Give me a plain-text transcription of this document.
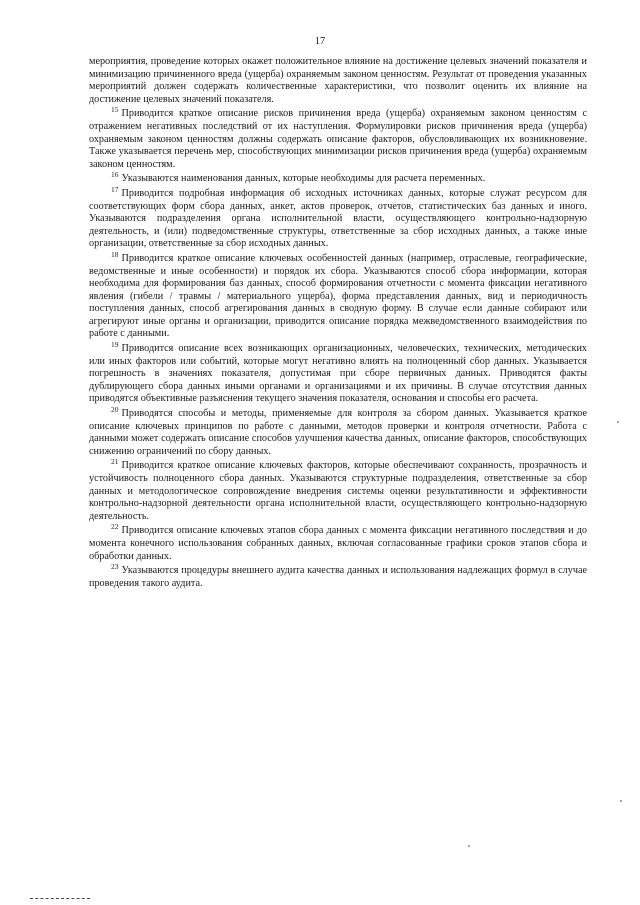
17

мероприятия, проведение которых окажет положительное влияние на достижение целевых значений показателя и минимизацию причиненного вреда (ущерба) охраняемым законом ценностям. Результат от проведения указанных мероприятий должен содержать количественные характеристики, что позволит оценить их влияние на достижение целевых значений показателя.

$^{15}$ Приводится краткое описание рисков причинения вреда (ущерба) охраняемым законом ценностям с отражением негативных последствий от их наступления. Формулировки рисков причинения вреда (ущерба) охраняемым законом ценностям должны содержать описание факторов, обусловливающих их возникновение. Также указывается перечень мер, способствующих минимизации рисков причинения вреда (ущерба) охраняемым законом ценностям.

$^{16}$ Указываются наименования данных, которые необходимы для расчета переменных.

$^{17}$ Приводится подробная информация об исходных источниках данных, которые служат ресурсом для соответствующих форм сбора данных, анкет, актов проверок, отчетов, статистических баз данных и иного. Указываются подразделения органа исполнительной власти, осуществляющего контрольно-надзорную деятельность, и (или) подведомственные структуры, ответственные за сбор исходных данных, а также иные организации, ответственные за сбор исходных данных.

$^{18}$ Приводится краткое описание ключевых особенностей данных (например, отраслевые, географические, ведомственные и иные особенности) и порядок их сбора. Указываются способ сбора информации, которая необходима для формирования баз данных, способ формирования отчетности с момента фиксации негативного явления (гибели / травмы / материального ущерба), форма представления данных, вид и периодичность поступления данных, способ агрегирования данных в сводную форму. В случае если данные собирают или агрегируют иные органы и организации, приводится описание порядка межведомственного взаимодействия по работе с данными.

$^{19}$ Приводится описание всех возникающих организационных, человеческих, технических, методических или иных факторов или событий, которые могут негативно влиять на полноценный сбор данных. Указывается погрешность в значениях показателя, допустимая при сборе первичных данных. Приводятся факты дублирующего сбора данных иными органами и организациями и их причины. В случае отсутствия данных приводятся объективные разъяснения текущего значения показателя, основания и способы его расчета.

$^{20}$ Приводятся способы и методы, применяемые для контроля за сбором данных. Указывается краткое описание ключевых принципов по работе с данными, методов проверки и контроля отчетности. Работа с данными может содержать описание способов улучшения качества данных, описание факторов, способствующих снижению ограничений по сбору данных.

$^{21}$ Приводится краткое описание ключевых факторов, которые обеспечивают сохранность, прозрачность и устойчивость полноценного сбора данных. Указываются структурные подразделения, ответственные за сбор данных и методологическое сопровождение внедрения системы оценки результативности и эффективности контрольно-надзорной деятельности органа исполнительной власти, осуществляющего контрольно-надзорную деятельность.

$^{22}$ Приводится описание ключевых этапов сбора данных с момента фиксации негативного последствия и до момента конечного использования собранных данных, включая согласованные графики сроков этапов сбора и обработки данных.

$^{23}$ Указываются процедуры внешнего аудита качества данных и использования надлежащих формул в случае проведения такого аудита.
